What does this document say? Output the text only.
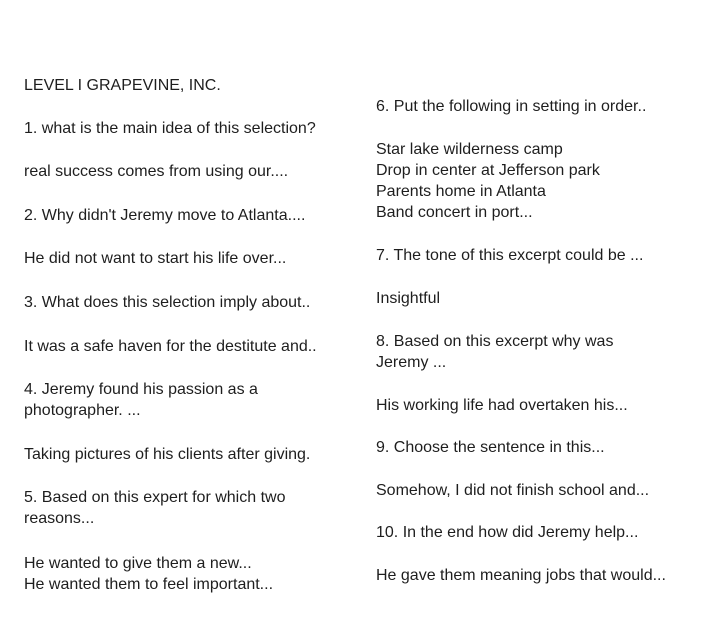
LEVEL I GRAPEVINE, INC.
1. what is the main idea of this selection?
real success comes from using our....
2. Why didn't Jeremy move to Atlanta....
He did not want to start his life over...
3. What does this selection imply about..
It was a safe haven for the destitute and..
4. Jeremy found his passion as a
photographer. ...
Taking pictures of his clients after giving.
5. Based on this expert for which two
reasons...
He wanted to give them a new...
He wanted them to feel important...
6. Put the following in setting in order..
Star lake wilderness camp
Drop in center at Jefferson park
Parents home in Atlanta
Band concert in port...
7. The tone of this excerpt could be ...
Insightful
8. Based on this excerpt why was
Jeremy ...
His working life had overtaken his...
9. Choose the sentence in this...
Somehow, I did not finish school and...
10. In the end how did Jeremy help...
He gave them meaning jobs that would...
